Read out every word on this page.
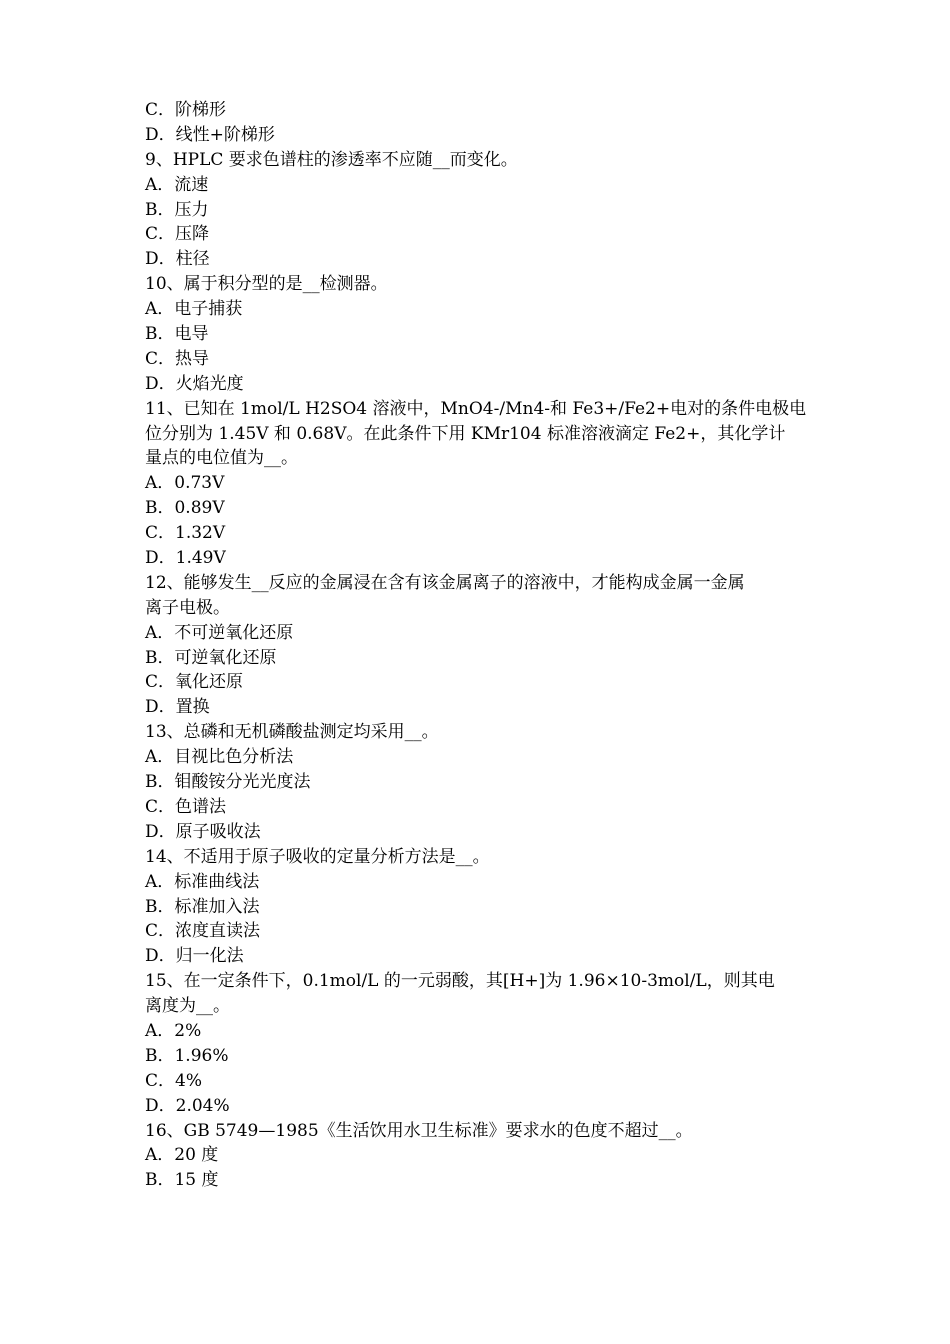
C．阶梯形
D．线性+阶梯形
9、HPLC 要求色谱柱的渗透率不应随__而变化。
A．流速
B．压力
C．压降
D．柱径
10、属于积分型的是__检测器。
A．电子捕获
B．电导
C．热导
D．火焰光度
11、已知在 1mol/L H2SO4 溶液中，MnO4-/Mn4-和 Fe3+/Fe2+电对的条件电极电
位分别为 1.45V 和 0.68V。在此条件下用 KMr104 标准溶液滴定 Fe2+，其化学计
量点的电位值为__。
A．0.73V
B．0.89V
C．1.32V
D．1.49V
12、能够发生__反应的金属浸在含有该金属离子的溶液中，才能构成金属一金属
离子电极。
A．不可逆氧化还原
B．可逆氧化还原
C．氧化还原
D．置换
13、总磷和无机磷酸盐测定均采用__。
A．目视比色分析法
B．钼酸铵分光光度法
C．色谱法
D．原子吸收法
14、不适用于原子吸收的定量分析方法是__。
A．标准曲线法
B．标准加入法
C．浓度直读法
D．归一化法
15、在一定条件下，0.1mol/L 的一元弱酸，其[H+]为 1.96×10-3mol/L，则其电
离度为__。
A．2%
B．1.96%
C．4%
D．2.04%
16、GB 5749—1985《生活饮用水卫生标准》要求水的色度不超过__。
A．20 度
B．15 度
